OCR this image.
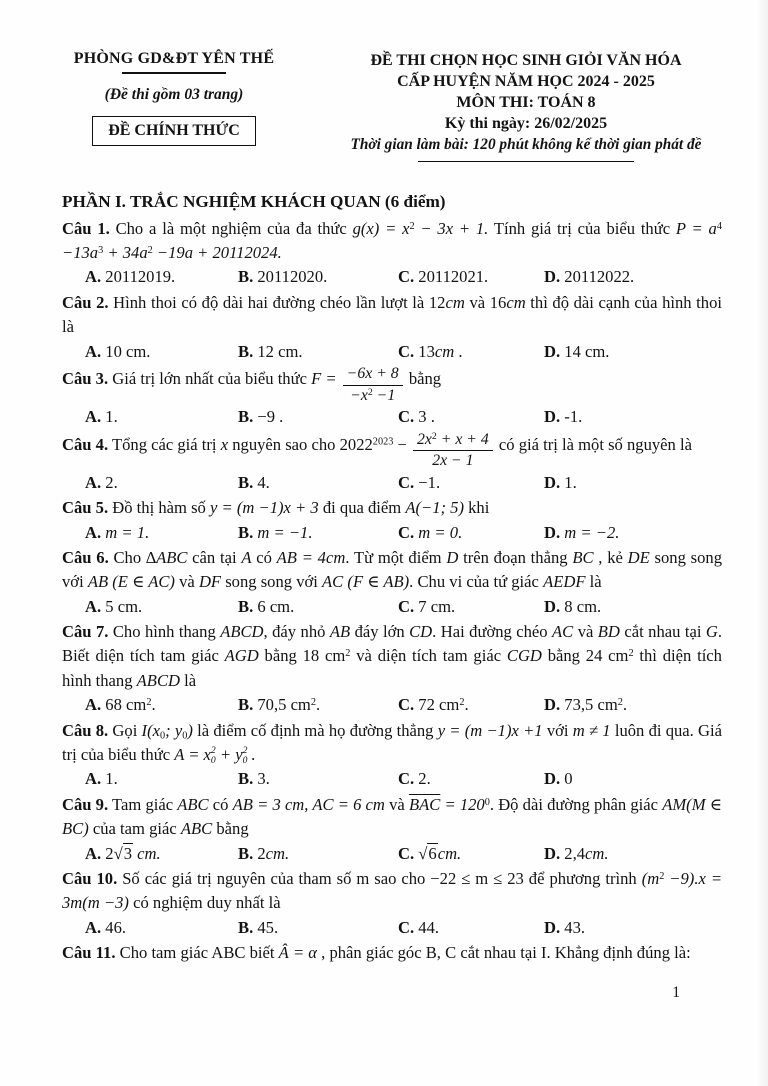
PHÒNG GD&ĐT YÊN THẾ
(Đề thi gồm 03 trang)
ĐỀ CHÍNH THỨC
ĐỀ THI CHỌN HỌC SINH GIỎI VĂN HÓA
CẤP HUYỆN NĂM HỌC 2024 - 2025
MÔN THI: TOÁN 8
Kỳ thi ngày: 26/02/2025
Thời gian làm bài: 120 phút không kể thời gian phát đề
PHẦN I. TRẮC NGHIỆM KHÁCH QUAN (6 điểm)
Câu 1. Cho a là một nghiệm của đa thức $g(x) = x^2 - 3x + 1$. Tính giá trị của biểu thức $P = a^4 -13a^3 + 34a^2 -19a + 20112024$.
A. 20112019.	B. 20112020.	C. 20112021.	D. 20112022.
Câu 2. Hình thoi có độ dài hai đường chéo lần lượt là 12cm và 16cm thì độ dài cạnh của hình thoi là
A. 10 cm.	B. 12 cm.	C. 13cm .	D. 14 cm.
Câu 3. Giá trị lớn nhất của biểu thức $F = \frac{-6x + 8}{-x^2 -1}$ bằng
A. 1.	B. −9 .	C. 3 .	D. -1.
Câu 4. Tổng các giá trị x nguyên sao cho $2022^{2023} - \frac{2x^2 + x + 4}{2x - 1}$ có giá trị là một số nguyên là
A. 2.	B. 4.	C. −1.	D. 1.
Câu 5. Đồ thị hàm số y = (m −1)x + 3 đi qua điểm A(−1; 5) khi
A. m = 1.	B. m = −1.	C. m = 0.	D. m = −2.
Câu 6. Cho ∆ABC cân tại A có AB = 4cm. Từ một điểm D trên đoạn thẳng BC , kẻ DE song song với AB (E ∈ AC) và DF song song với AC (F ∈ AB). Chu vi của tứ giác AEDF là
A. 5 cm.	B. 6 cm.	C. 7 cm.	D. 8 cm.
Câu 7. Cho hình thang ABCD, đáy nhỏ AB đáy lớn CD. Hai đường chéo AC và BD cắt nhau tại G. Biết diện tích tam giác AGD bằng 18 $cm^2$ và diện tích tam giác CGD bằng 24 $cm^2$ thì diện tích hình thang ABCD là
A. 68 $cm^2$.	B. 70,5 $cm^2$.	C. 72 $cm^2$.	D. 73,5 $cm^2$.
Câu 8. Gọi I(x0; y0) là điểm cố định mà họ đường thẳng y = (m −1)x +1 với m ≠ 1 luôn đi qua. Giá trị của biểu thức A = x 2
0 + y 2
0 .
A. 1.	B. 3.	C. 2.	D. 0
Câu 9. Tam giác ABC có AB = 3 cm, AC = 6 cm và $\overline{BAC} = 120^0$. Độ dài đường phân giác AM(M ∈ BC) của tam giác ABC bằng
A. 2 √ 3 cm.	B. 2cm.	C. √ 6cm.	D. 2,4cm.
Câu 10. Số các giá trị nguyên của tham số m sao cho −22 ≤ m ≤ 23 để phương trình $(m^2 -9).x = 3m(m -3)$ có nghiệm duy nhất là
A. 46.	B. 45.	C. 44.	D. 43.
Câu 11. Cho tam giác ABC biết Â = α , phân giác góc B, C cắt nhau tại I. Khẳng định đúng là:
1
